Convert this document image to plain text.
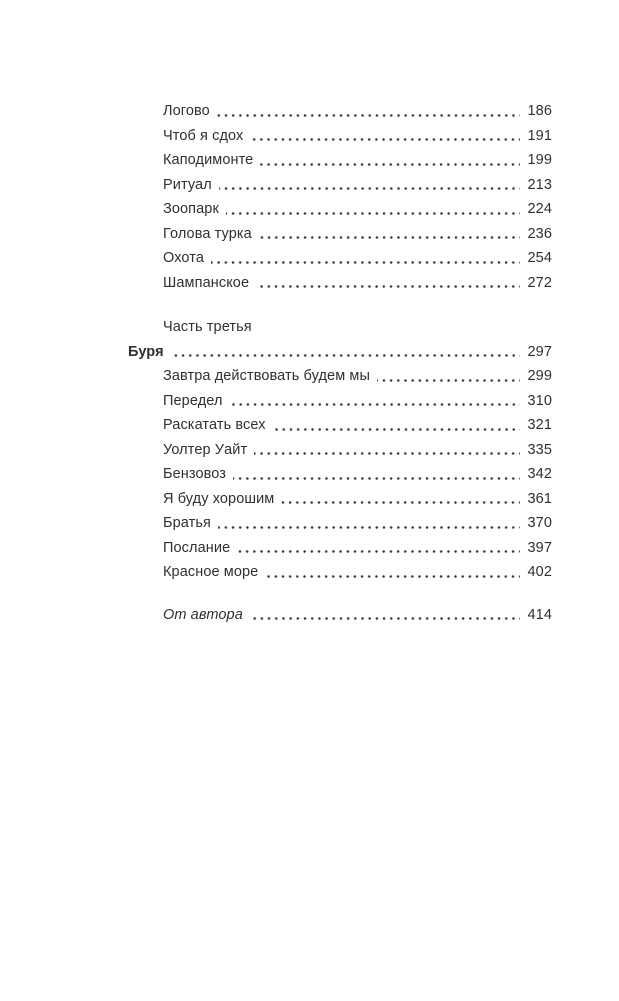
Логово	186
Чтоб я сдох	191
Каподимонте	199
Ритуал	213
Зоопарк	224
Голова турка	236
Охота	254
Шампанское	272
Часть третья
Буря	297
Завтра действовать будем мы	299
Передел	310
Раскатать всех	321
Уолтер Уайт	335
Бензовоз	342
Я буду хорошим	361
Братья	370
Послание	397
Красное море	402
От автора	414
